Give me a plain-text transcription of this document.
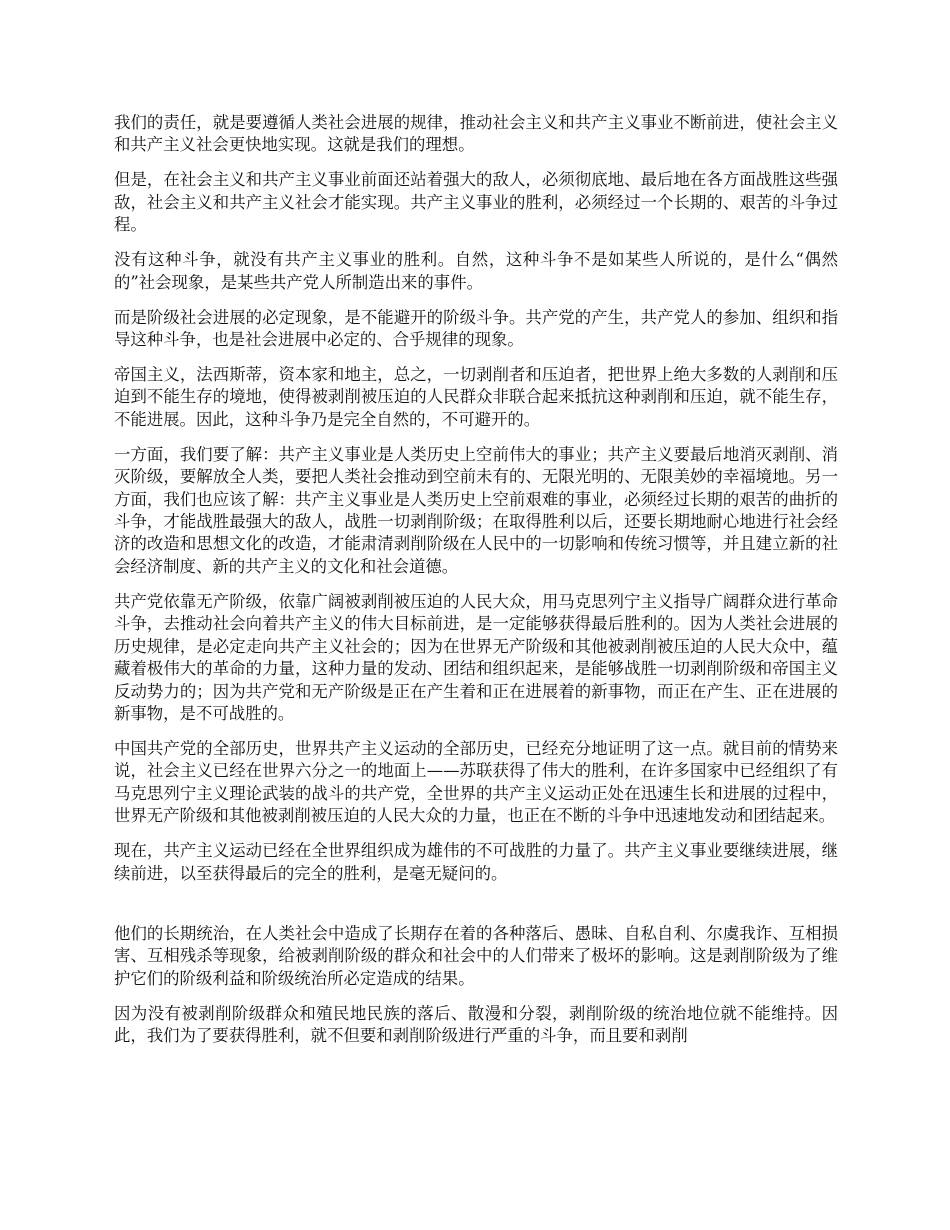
我们的责任，就是要遵循人类社会进展的规律，推动社会主义和共产主义事业不断前进，使社会主义和共产主义社会更快地实现。这就是我们的理想。

但是，在社会主义和共产主义事业前面还站着强大的敌人，必须彻底地、最后地在各方面战胜这些强敌，社会主义和共产主义社会才能实现。共产主义事业的胜利，必须经过一个长期的、艰苦的斗争过程。

没有这种斗争，就没有共产主义事业的胜利。自然，这种斗争不是如某些人所说的，是什么“偶然的”社会现象，是某些共产党人所制造出来的事件。

而是阶级社会进展的必定现象，是不能避开的阶级斗争。共产党的产生，共产党人的参加、组织和指导这种斗争，也是社会进展中必定的、合乎规律的现象。

帝国主义，法西斯蒂，资本家和地主，总之，一切剥削者和压迫者，把世界上绝大多数的人剥削和压迫到不能生存的境地，使得被剥削被压迫的人民群众非联合起来抵抗这种剥削和压迫，就不能生存，不能进展。因此，这种斗争乃是完全自然的，不可避开的。

一方面，我们要了解：共产主义事业是人类历史上空前伟大的事业；共产主义要最后地消灭剥削、消灭阶级，要解放全人类，要把人类社会推动到空前未有的、无限光明的、无限美妙的幸福境地。另一方面，我们也应该了解：共产主义事业是人类历史上空前艰难的事业，必须经过长期的艰苦的曲折的斗争，才能战胜最强大的敌人，战胜一切剥削阶级；在取得胜利以后，还要长期地耐心地进行社会经济的改造和思想文化的改造，才能肃清剥削阶级在人民中的一切影响和传统习惯等，并且建立新的社会经济制度、新的共产主义的文化和社会道德。

共产党依靠无产阶级，依靠广阔被剥削被压迫的人民大众，用马克思列宁主义指导广阔群众进行革命斗争，去推动社会向着共产主义的伟大目标前进，是一定能够获得最后胜利的。因为人类社会进展的历史规律，是必定走向共产主义社会的；因为在世界无产阶级和其他被剥削被压迫的人民大众中，蕴藏着极伟大的革命的力量，这种力量的发动、团结和组织起来，是能够战胜一切剥削阶级和帝国主义反动势力的；因为共产党和无产阶级是正在产生着和正在进展着的新事物，而正在产生、正在进展的新事物，是不可战胜的。

中国共产党的全部历史，世界共产主义运动的全部历史，已经充分地证明了这一点。就目前的情势来说，社会主义已经在世界六分之一的地面上——苏联获得了伟大的胜利，在许多国家中已经组织了有马克思列宁主义理论武装的战斗的共产党，全世界的共产主义运动正处在迅速生长和进展的过程中，世界无产阶级和其他被剥削被压迫的人民大众的力量，也正在不断的斗争中迅速地发动和团结起来。

现在，共产主义运动已经在全世界组织成为雄伟的不可战胜的力量了。共产主义事业要继续进展，继续前进，以至获得最后的完全的胜利，是毫无疑问的。

他们的长期统治，在人类社会中造成了长期存在着的各种落后、愚昧、自私自利、尔虞我诈、互相损害、互相残杀等现象，给被剥削阶级的群众和社会中的人们带来了极坏的影响。这是剥削阶级为了维护它们的阶级利益和阶级统治所必定造成的结果。

因为没有被剥削阶级群众和殖民地民族的落后、散漫和分裂，剥削阶级的统治地位就不能维持。因此，我们为了要获得胜利，就不但要和剥削阶级进行严重的斗争，而且要和剥削
